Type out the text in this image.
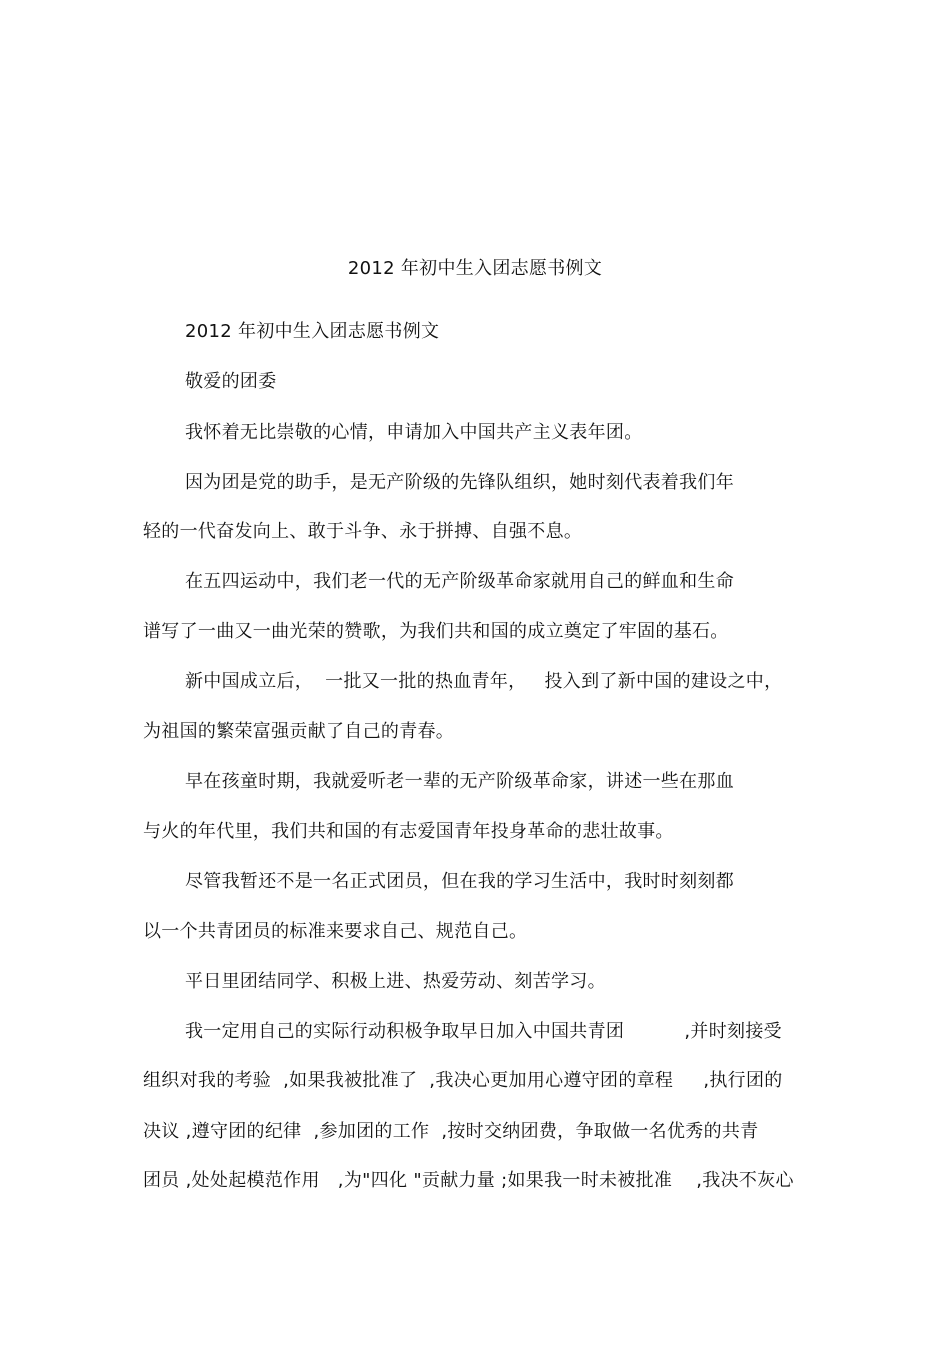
2012 年初中生入团志愿书例文
2012 年初中生入团志愿书例文
敬爱的团委
我怀着无比崇敬的心情，申请加入中国共产主义表年团。
因为团是党的助手，是无产阶级的先锋队组织，她时刻代表着我们年
轻的一代奋发向上、敢于斗争、永于拼搏、自强不息。
在五四运动中，我们老一代的无产阶级革命家就用自己的鲜血和生命
谱写了一曲又一曲光荣的赞歌，为我们共和国的成立奠定了牢固的基石。
新中国成立后，  一批又一批的热血青年，   投入到了新中国的建设之中，
为祖国的繁荣富强贡献了自己的青春。
早在孩童时期，我就爱听老一辈的无产阶级革命家，讲述一些在那血
与火的年代里，我们共和国的有志爱国青年投身革命的悲壮故事。
尽管我暂还不是一名正式团员，但在我的学习生活中，我时时刻刻都
以一个共青团员的标准来要求自己、规范自己。
平日里团结同学、积极上进、热爱劳动、刻苦学习。
我一定用自己的实际行动积极争取早日加入中国共青团          ,并时刻接受
组织对我的考验  ,如果我被批准了  ,我决心更加用心遵守团的章程     ,执行团的
决议 ,遵守团的纪律  ,参加团的工作  ,按时交纳团费，争取做一名优秀的共青
团员 ,处处起模范作用   ,为"四化 "贡献力量 ;如果我一时未被批准    ,我决不灰心
